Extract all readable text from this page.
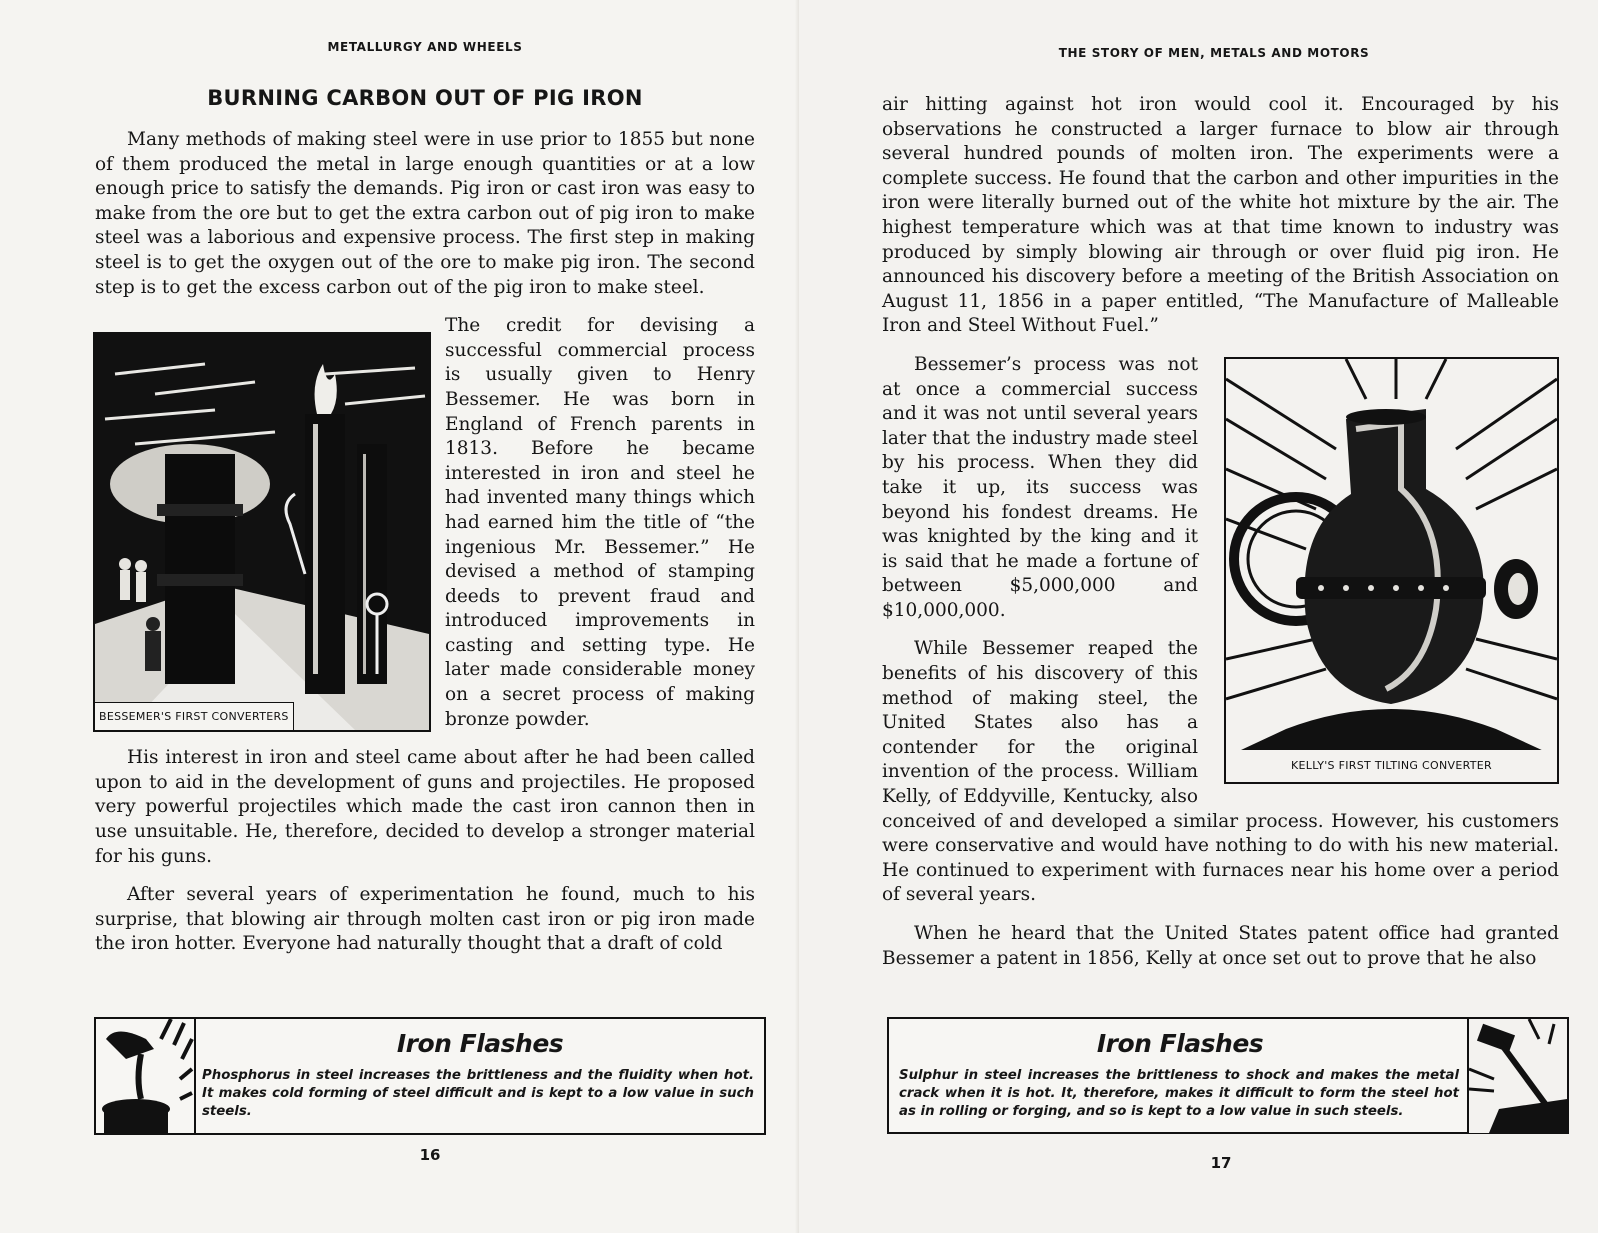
METALLURGY AND WHEELS
BURNING CARBON OUT OF PIG IRON

Many methods of making steel were in use prior to 1855 but none of them produced the metal in large enough quantities or at a low enough price to satisfy the demands. Pig iron or cast iron was easy to make from the ore but to get the extra carbon out of pig iron to make steel was a laborious and expensive process. The first step in making steel is to get the oxygen out of the ore to make pig iron. The second step is to get the excess carbon out of the pig iron to make steel.

BESSEMER'S FIRST CONVERTERS

The credit for devising a successful commercial process is usually given to Henry Bessemer. He was born in England of French parents in 1813. Before he became interested in iron and steel he had invented many things which had earned him the title of “the ingenious Mr. Bessemer.” He devised a method of stamping deeds to prevent fraud and introduced improvements in casting and setting type. He later made considerable money on a secret process of making bronze powder.

His interest in iron and steel came about after he had been called upon to aid in the development of guns and projectiles. He proposed very powerful projectiles which made the cast iron cannon then in use unsuitable. He, therefore, decided to develop a stronger material for his guns.

After several years of experimentation he found, much to his surprise, that blowing air through molten cast iron or pig iron made the iron hotter. Everyone had naturally thought that a draft of cold

Iron Flashes

Phosphorus in steel increases the brittleness and the fluidity when hot. It makes cold forming of steel difficult and is kept to a low value in such steels.

16
THE STORY OF MEN, METALS AND MOTORS

air hitting against hot iron would cool it. Encouraged by his observations he constructed a larger furnace to blow air through several hundred pounds of molten iron. The experiments were a complete success. He found that the carbon and other impurities in the iron were literally burned out of the white hot mixture by the air. The highest temperature which was at that time known to industry was produced by simply blowing air through or over fluid pig iron. He announced his discovery before a meeting of the British Association on August 11, 1856 in a paper entitled, “The Manufacture of Malleable Iron and Steel Without Fuel.”

KELLY'S FIRST TILTING CONVERTER

Bessemer’s process was not at once a commercial success and it was not until several years later that the industry made steel by his process. When they did take it up, its success was beyond his fondest dreams. He was knighted by the king and it is said that he made a fortune of between $5,000,000 and $10,000,000.

While Bessemer reaped the benefits of his discovery of this method of making steel, the United States also has a contender for the original invention of the process. William Kelly, of Eddyville, Kentucky, also conceived of and developed a similar process. However, his customers were conservative and would have nothing to do with his new material. He continued to experiment with furnaces near his home over a period of several years.

When he heard that the United States patent office had granted Bessemer a patent in 1856, Kelly at once set out to prove that he also

Iron Flashes

Sulphur in steel increases the brittleness to shock and makes the metal crack when it is hot. It, therefore, makes it difficult to form the steel hot as in rolling or forging, and so is kept to a low value in such steels.

17
